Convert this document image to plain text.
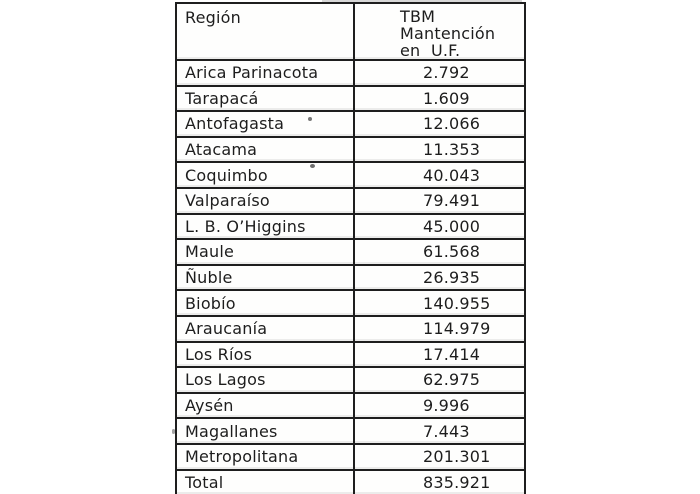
Región	TBM
Mantención
en  U.F.

Arica Parinacota	2.792
Tarapacá	1.609
Antofagasta	12.066
Atacama	11.353
Coquimbo	40.043
Valparaíso	79.491
L. B. O’Higgins	45.000
Maule	61.568
Ñuble	26.935
Biobío	140.955
Araucanía	114.979
Los Ríos	17.414
Los Lagos	62.975
Aysén	9.996
Magallanes	7.443
Metropolitana	201.301
Total	835.921
